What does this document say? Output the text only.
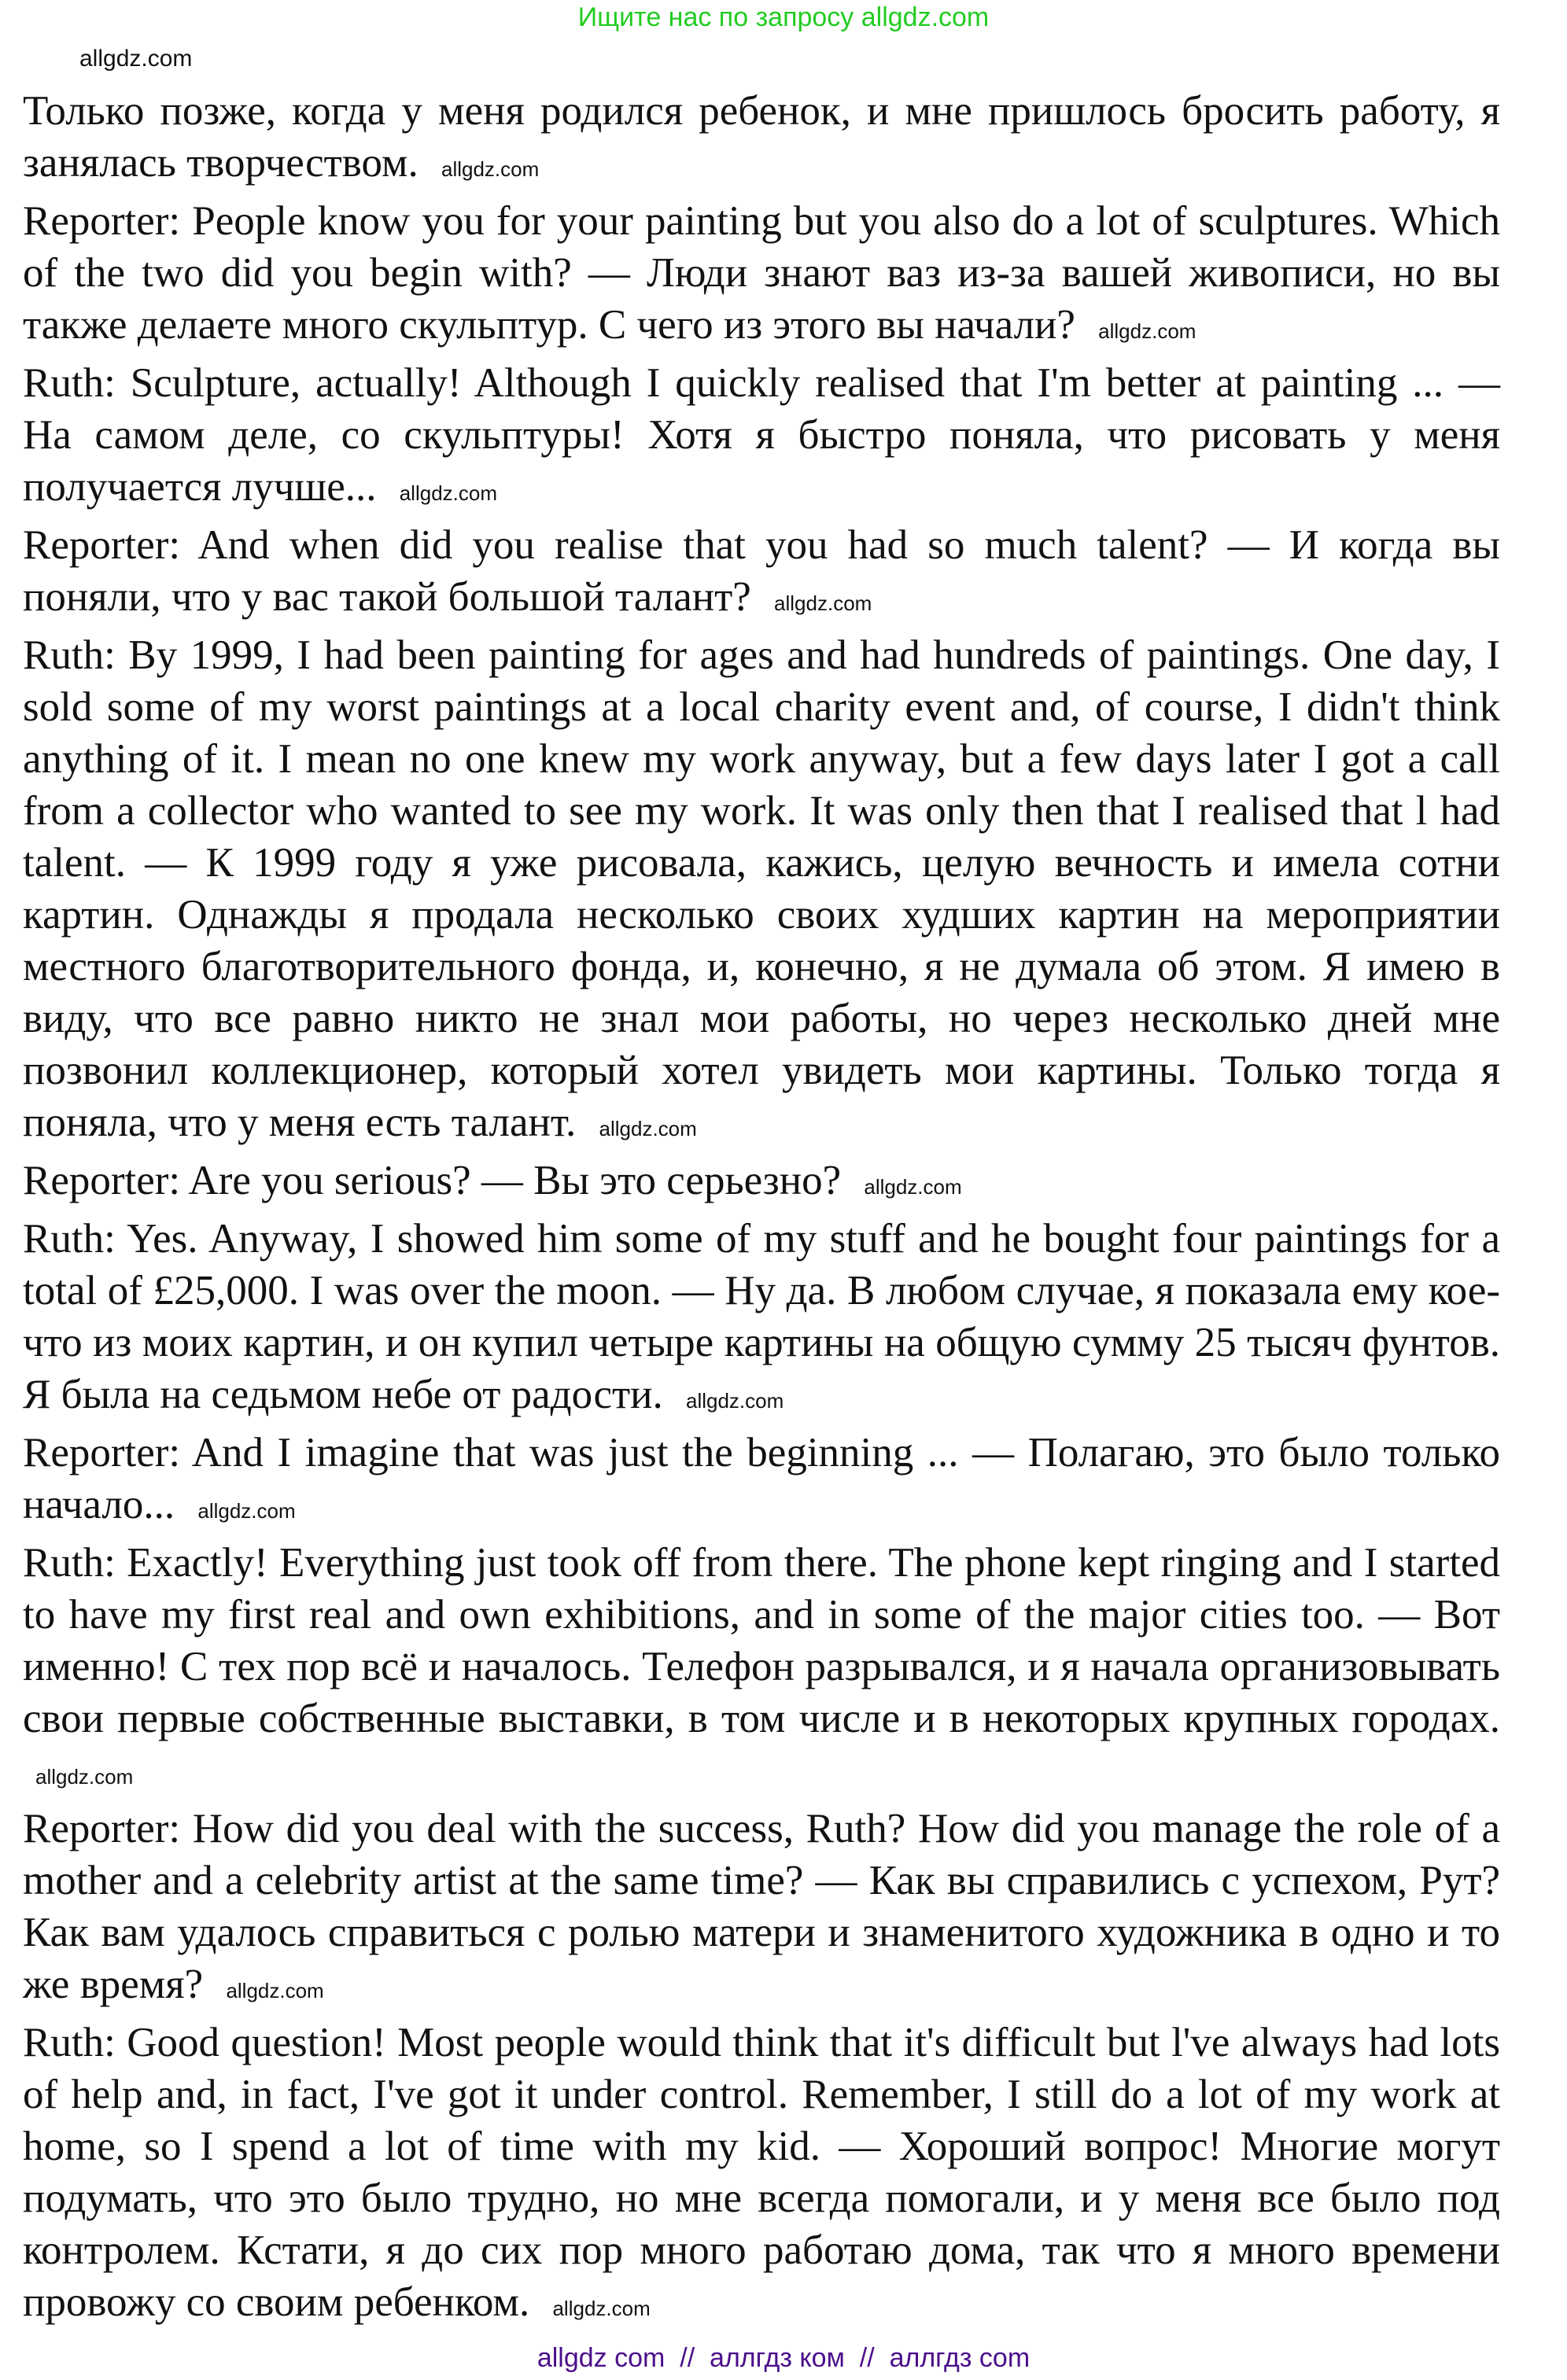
Ищите нас по запросу allgdz.com
allgdz.com

Только позже, когда у меня родился ребенок, и мне пришлось бросить работу, я занялась творчеством. allgdz.com

Reporter: People know you for your painting but you also do a lot of sculptures. Which of the two did you begin with? — Люди знают ваз из-за вашей живописи, но вы также делаете много скульптур. С чего из этого вы начали? allgdz.com

Ruth: Sculpture, actually! Although I quickly realised that I'm better at painting ... — На самом деле, со скульптуры! Хотя я быстро поняла, что рисовать у меня получается лучше... allgdz.com

Reporter: And when did you realise that you had so much talent? — И когда вы поняли, что у вас такой большой талант? allgdz.com

Ruth: By 1999, I had been painting for ages and had hundreds of paintings. One day, I sold some of my worst paintings at a local charity event and, of course, I didn't think anything of it. I mean no one knew my work anyway, but a few days later I got a call from a collector who wanted to see my work. It was only then that I realised that l had talent. — К 1999 году я уже рисовала, кажись, целую вечность и имела сотни картин. Однажды я продала несколько своих худших картин на мероприятии местного благотворительного фонда, и, конечно, я не думала об этом. Я имею в виду, что все равно никто не знал мои работы, но через несколько дней мне позвонил коллекционер, который хотел увидеть мои картины. Только тогда я поняла, что у меня есть талант. allgdz.com

Reporter: Are you serious? — Вы это серьезно? allgdz.com

Ruth: Yes. Anyway, I showed him some of my stuff and he bought four paintings for a total of £25,000. I was over the moon. — Ну да. В любом случае, я показала ему кое-что из моих картин, и он купил четыре картины на общую сумму 25 тысяч фунтов. Я была на седьмом небе от радости. allgdz.com

Reporter: And I imagine that was just the beginning ... — Полагаю, это было только начало... allgdz.com

Ruth: Exactly! Everything just took off from there. The phone kept ringing and I started to have my first real and own exhibitions, and in some of the major cities too. — Вот именно! С тех пор всё и началось. Телефон разрывался, и я начала организовывать свои первые собственные выставки, в том числе и в некоторых крупных городах. allgdz.com

Reporter: How did you deal with the success, Ruth? How did you manage the role of a mother and a celebrity artist at the same time? — Как вы справились с успехом, Рут? Как вам удалось справиться с ролью матери и знаменитого художника в одно и то же время? allgdz.com

Ruth: Good question! Most people would think that it's difficult but l've always had lots of help and, in fact, I've got it under control. Remember, I still do a lot of my work at home, so I spend a lot of time with my kid. — Хороший вопрос! Многие могут подумать, что это было трудно, но мне всегда помогали, и у меня все было под контролем. Кстати, я до сих пор много работаю дома, так что я много времени провожу со своим ребенком. allgdz.com

allgdz com  //  аллгдз ком  //  аллгдз com
